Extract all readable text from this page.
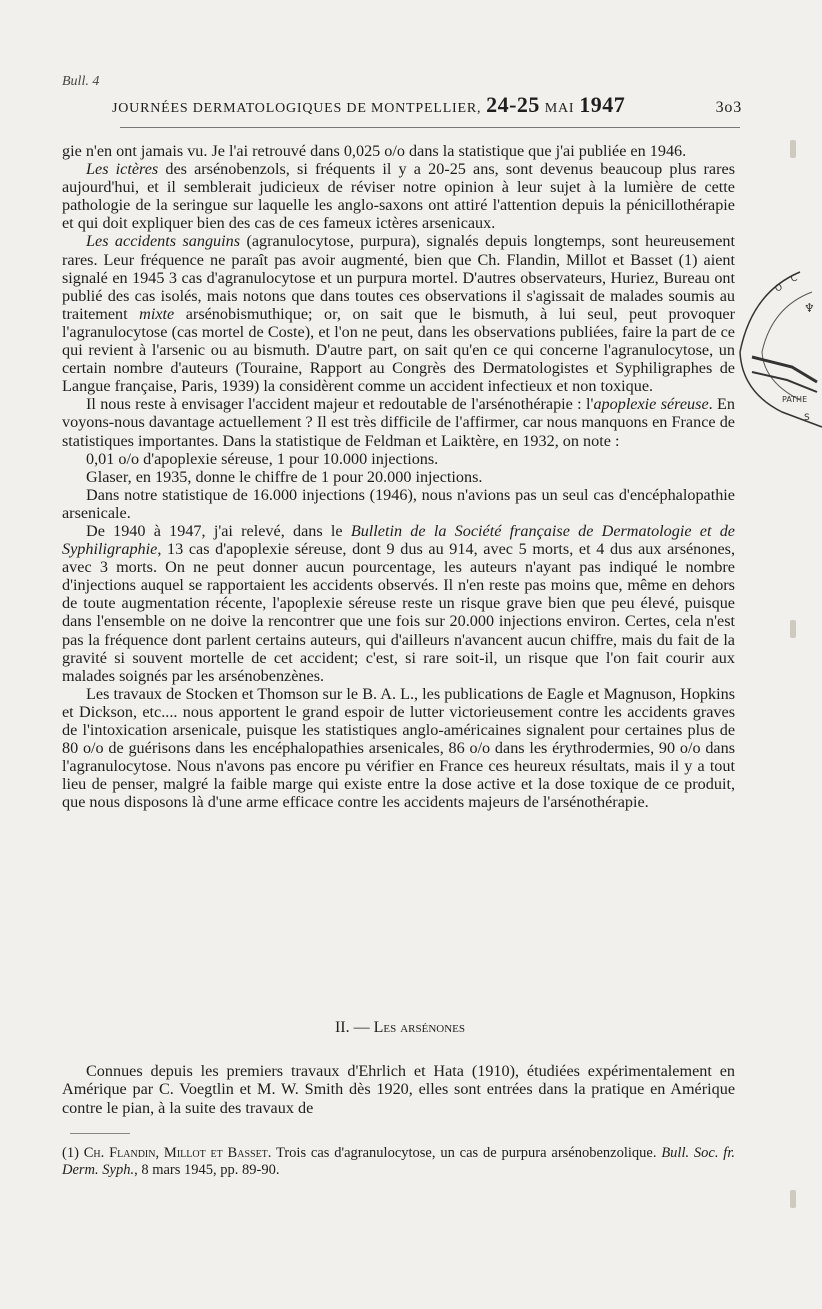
Bull. 4
JOURNÉES DERMATOLOGIQUES DE MONTPELLIER, 24-25 MAI 1947	3o3

gie n'en ont jamais vu. Je l'ai retrouvé dans 0,025 o/o dans la statistique que j'ai publiée en 1946.

Les ictères des arsénobenzols, si fréquents il y a 20-25 ans, sont devenus beaucoup plus rares aujourd'hui, et il semblerait judicieux de réviser notre opinion à leur sujet à la lumière de cette pathologie de la seringue sur laquelle les anglo-saxons ont attiré l'attention depuis la pénicillothérapie et qui doit expliquer bien des cas de ces fameux ictères arsenicaux.

Les accidents sanguins (agranulocytose, purpura), signalés depuis longtemps, sont heureusement rares. Leur fréquence ne paraît pas avoir augmenté, bien que Ch. Flandin, Millot et Basset (1) aient signalé en 1945 3 cas d'agranulocytose et un purpura mortel. D'autres observateurs, Huriez, Bureau ont publié des cas isolés, mais notons que dans toutes ces observations il s'agissait de malades soumis au traitement mixte arsénobismuthique; or, on sait que le bismuth, à lui seul, peut provoquer l'agranulocytose (cas mortel de Coste), et l'on ne peut, dans les observations publiées, faire la part de ce qui revient à l'arsenic ou au bismuth. D'autre part, on sait qu'en ce qui concerne l'agranulocytose, un certain nombre d'auteurs (Touraine, Rapport au Congrès des Dermatologistes et Syphiligraphes de Langue française, Paris, 1939) la considèrent comme un accident infectieux et non toxique.

Il nous reste à envisager l'accident majeur et redoutable de l'arsénothérapie : l'apoplexie séreuse. En voyons-nous davantage actuellement ? Il est très difficile de l'affirmer, car nous manquons en France de statistiques importantes. Dans la statistique de Feldman et Laiktère, en 1932, on note :

0,01 o/o d'apoplexie séreuse, 1 pour 10.000 injections.

Glaser, en 1935, donne le chiffre de 1 pour 20.000 injections.

Dans notre statistique de 16.000 injections (1946), nous n'avions pas un seul cas d'encéphalopathie arsenicale.

De 1940 à 1947, j'ai relevé, dans le Bulletin de la Société française de Dermatologie et de Syphiligraphie, 13 cas d'apoplexie séreuse, dont 9 dus au 914, avec 5 morts, et 4 dus aux arsénones, avec 3 morts. On ne peut donner aucun pourcentage, les auteurs n'ayant pas indiqué le nombre d'injections auquel se rapportaient les accidents observés. Il n'en reste pas moins que, même en dehors de toute augmentation récente, l'apoplexie séreuse reste un risque grave bien que peu élevé, puisque dans l'ensemble on ne doive la rencontrer que une fois sur 20.000 injections environ. Certes, cela n'est pas la fréquence dont parlent certains auteurs, qui d'ailleurs n'avancent aucun chiffre, mais du fait de la gravité si souvent mortelle de cet accident; c'est, si rare soit-il, un risque que l'on fait courir aux malades soignés par les arsénobenzènes.

Les travaux de Stocken et Thomson sur le B. A. L., les publications de Eagle et Magnuson, Hopkins et Dickson, etc.... nous apportent le grand espoir de lutter victorieusement contre les accidents graves de l'intoxication arsenicale, puisque les statistiques anglo-américaines signalent pour certaines plus de 80 o/o de guérisons dans les encéphalopathies arsenicales, 86 o/o dans les érythrodermies, 90 o/o dans l'agranulocytose. Nous n'avons pas encore pu vérifier en France ces heureux résultats, mais il y a tout lieu de penser, malgré la faible marge qui existe entre la dose active et la dose toxique de ce produit, que nous disposons là d'une arme efficace contre les accidents majeurs de l'arsénothérapie.

II. — Les arsénones

Connues depuis les premiers travaux d'Ehrlich et Hata (1910), étudiées expérimentalement en Amérique par C. Voegtlin et M. W. Smith dès 1920, elles sont entrées dans la pratique en Amérique contre le pian, à la suite des travaux de

(1) Ch. Flandin, Millot et Basset. Trois cas d'agranulocytose, un cas de purpura arsénobenzolique. Bull. Soc. fr. Derm. Syph., 8 mars 1945, pp. 89-90.
O
C
♆
PATHE
S
